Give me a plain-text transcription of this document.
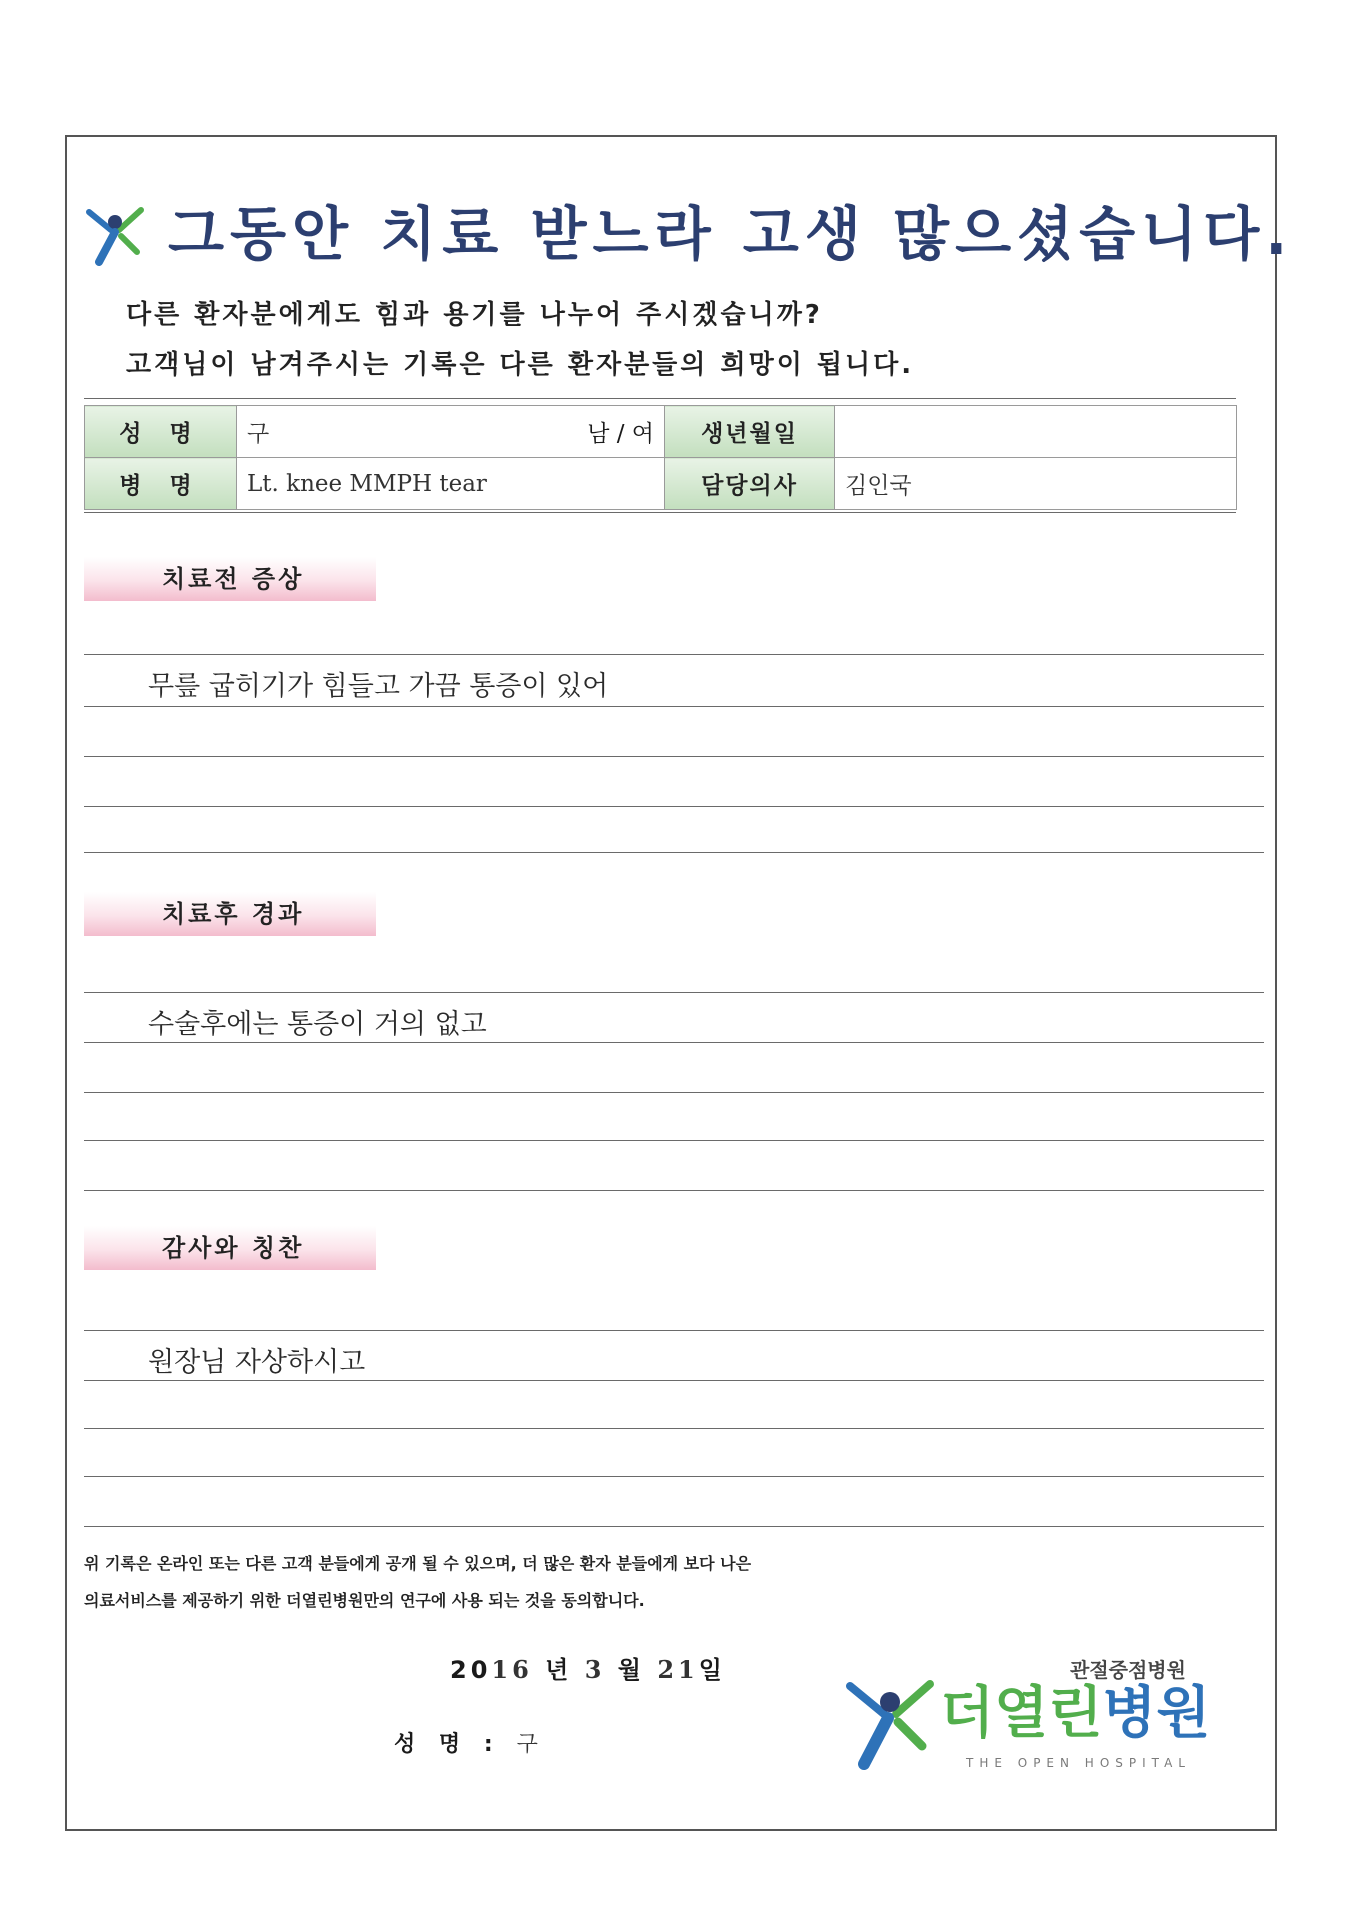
그동안 치료 받느라 고생 많으셨습니다.
다른 환자분에게도 힘과 용기를 나누어 주시겠습니까?
고객님이 남겨주시는 기록은 다른 환자분들의 희망이 됩니다.
성 명	구 남 / 여	생년월일	
병 명	Lt. knee MMPH tear	담당의사	김인국
치료전 증상
무릎 굽히기가 힘들고 가끔 통증이 있어
치료후 경과
수술후에는 통증이 거의 없고
감사와 칭찬
원장님 자상하시고
위 기록은 온라인 또는 다른 고객 분들에게 공개 될 수 있으며, 더 많은 환자 분들에게 보다 나은
의료서비스를 제공하기 위한 더열린병원만의 연구에 사용 되는 것을 동의합니다.
2016 년 3 월 21일
성 명 : 구
관절중점병원
더열린병원
THE OPEN HOSPITAL
